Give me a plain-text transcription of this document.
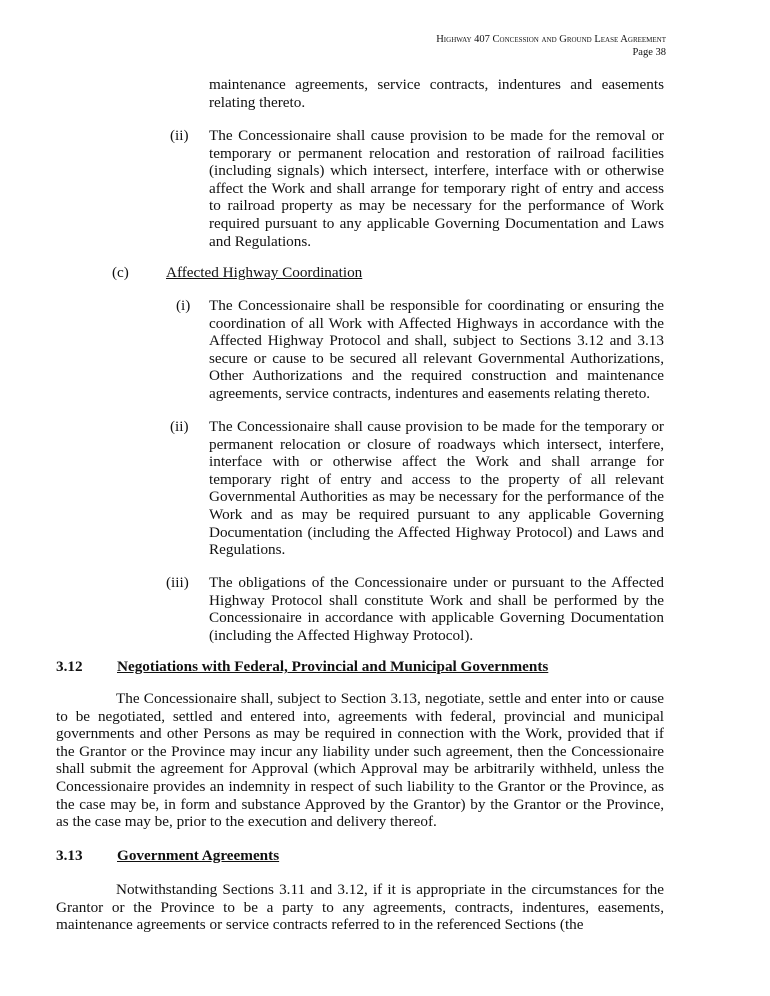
Highway 407 Concession and Ground Lease Agreement
Page 38

maintenance agreements, service contracts, indentures and easements relating thereto.

(ii) The Concessionaire shall cause provision to be made for the removal or temporary or permanent relocation and restoration of railroad facilities (including signals) which intersect, interfere, interface with or otherwise affect the Work and shall arrange for temporary right of entry and access to railroad property as may be necessary for the performance of Work required pursuant to any applicable Governing Documentation and Laws and Regulations.

(c) Affected Highway Coordination
(i) The Concessionaire shall be responsible for coordinating or ensuring the coordination of all Work with Affected Highways in accordance with the Affected Highway Protocol and shall, subject to Sections 3.12 and 3.13 secure or cause to be secured all relevant Governmental Authorizations, Other Authorizations and the required construction and maintenance agreements, service contracts, indentures and easements relating thereto.

(ii) The Concessionaire shall cause provision to be made for the temporary or permanent relocation or closure of roadways which intersect, interfere, interface with or otherwise affect the Work and shall arrange for temporary right of entry and access to the property of all relevant Governmental Authorities as may be necessary for the performance of the Work and as may be required pursuant to any applicable Governing Documentation (including the Affected Highway Protocol) and Laws and Regulations.

(iii) The obligations of the Concessionaire under or pursuant to the Affected Highway Protocol shall constitute Work and shall be performed by the Concessionaire in accordance with applicable Governing Documentation (including the Affected Highway Protocol).

3.12 Negotiations with Federal, Provincial and Municipal Governments

The Concessionaire shall, subject to Section 3.13, negotiate, settle and enter into or cause to be negotiated, settled and entered into, agreements with federal, provincial and municipal governments and other Persons as may be required in connection with the Work, provided that if the Grantor or the Province may incur any liability under such agreement, then the Concessionaire shall submit the agreement for Approval (which Approval may be arbitrarily withheld, unless the Concessionaire provides an indemnity in respect of such liability to the Grantor or the Province, as the case may be, in form and substance Approved by the Grantor) by the Grantor or the Province, as the case may be, prior to the execution and delivery thereof.

3.13 Government Agreements

Notwithstanding Sections 3.11 and 3.12, if it is appropriate in the circumstances for the Grantor or the Province to be a party to any agreements, contracts, indentures, easements, maintenance agreements or service contracts referred to in the referenced Sections (the
